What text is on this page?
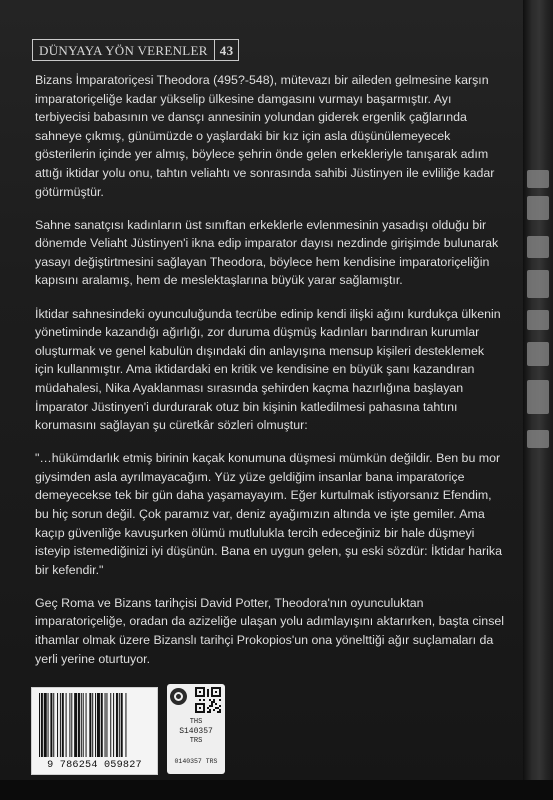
DÜNYAYA YÖN VERENLER 43

Bizans İmparatoriçesi Theodora (495?-548), mütevazı bir aileden gelmesine karşın imparatoriçeliğe kadar yükselip ülkesine damgasını vurmayı başarmıştır. Ayı terbiyecisi babasının ve dansçı annesinin yolundan giderek ergenlik çağlarında sahneye çıkmış, günümüzde o yaşlardaki bir kız için asla düşünülemeyecek gösterilerin içinde yer almış, böylece şehrin önde gelen erkekleriyle tanışarak adım attığı iktidar yolu onu, tahtın veliahtı ve sonrasında sahibi Jüstinyen ile evliliğe kadar götürmüştür.

Sahne sanatçısı kadınların üst sınıftan erkeklerle evlenmesinin yasadışı olduğu bir dönemde Veliaht Jüstinyen'i ikna edip imparator dayısı nezdinde girişimde bulunarak yasayı değiştirtmesini sağlayan Theodora, böylece hem kendisine imparatoriçeliğin kapısını aralamış, hem de meslektaşlarına büyük yarar sağlamıştır.

İktidar sahnesindeki oyunculuğunda tecrübe edinip kendi ilişki ağını kurdukça ülkenin yönetiminde kazandığı ağırlığı, zor duruma düşmüş kadınları barındıran kurumlar oluşturmak ve genel kabulün dışındaki din anlayışına mensup kişileri desteklemek için kullanmıştır. Ama iktidardaki en kritik ve kendisine en büyük şanı kazandıran müdahalesi, Nika Ayaklanması sırasında şehirden kaçma hazırlığına başlayan İmparator Jüstinyen'i durdurarak otuz bin kişinin katledilmesi pahasına tahtını korumasını sağlayan şu cüretkâr sözleri olmuştur:

"…hükümdarlık etmiş birinin kaçak konumuna düşmesi mümkün değildir. Ben bu mor giysimden asla ayrılmayacağım. Yüz yüze geldiğim insanlar bana imparatoriçe demeyecekse tek bir gün daha yaşamayayım. Eğer kurtulmak istiyorsanız Efendim, bu hiç sorun değil. Çok paramız var, deniz ayağımızın altında ve işte gemiler. Ama kaçıp güvenliğe kavuşurken ölümü mutlulukla tercih edeceğiniz bir hale düşmeyi isteyip istemediğinizi iyi düşünün. Bana en uygun gelen, şu eski sözdür: İktidar harika bir kefendir."

Geç Roma ve Bizans tarihçisi David Potter, Theodora'nın oyunculuktan imparatoriçeliğe, oradan da azizeliğe ulaşan yolu adımlayışını aktarırken, başta cinsel ithamlar olmak üzere Bizanslı tarihçi Prokopios'un ona yönelttiği ağır suçlamaları da yerli yerine oturtuyor.

9 786254 059827
THS
S140357
TRS
0140357 TRS
